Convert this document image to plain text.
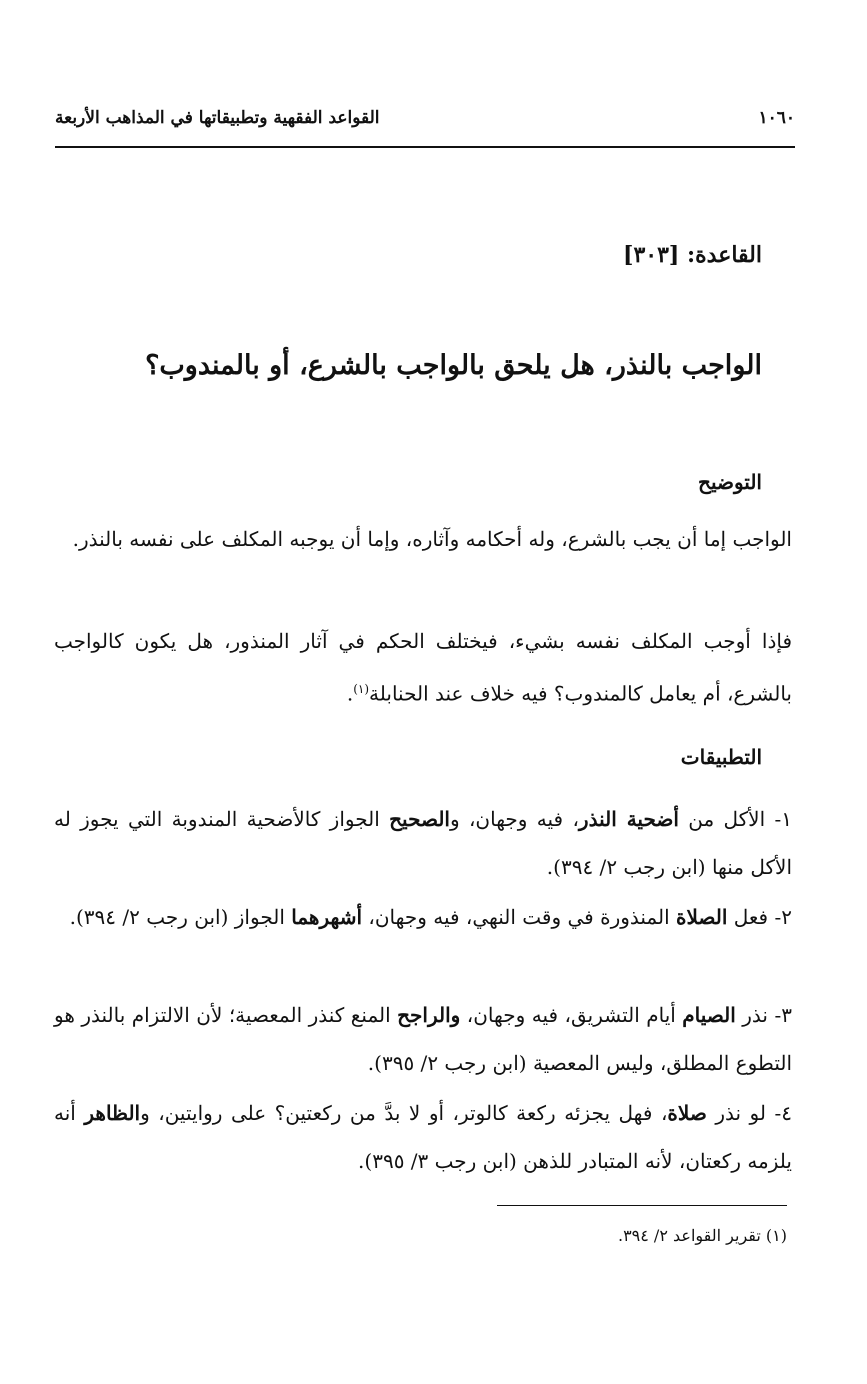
١٠٦٠
القواعد الفقهية وتطبيقاتها في المذاهب الأربعة
القاعدة: [٣٠٣]
الواجب بالنذر، هل يلحق بالواجب بالشرع، أو بالمندوب؟
التوضيح

الواجب إما أن يجب بالشرع، وله أحكامه وآثاره، وإما أن يوجبه المكلف على نفسه بالنذر.

فإذا أوجب المكلف نفسه بشيء، فيختلف الحكم في آثار المنذور، هل يكون كالواجب بالشرع، أم يعامل كالمندوب؟ فيه خلاف عند الحنابلة$^{(١)}$.

التطبيقات

١- الأكل من أضحية النذر، فيه وجهان، والصحيح الجواز كالأضحية المندوبة التي يجوز له الأكل منها (ابن رجب ٢/ ٣٩٤).

٢- فعل الصلاة المنذورة في وقت النهي، فيه وجهان، أشهرهما الجواز (ابن رجب ٢/ ٣٩٤).

٣- نذر الصيام أيام التشريق، فيه وجهان، والراجح المنع كنذر المعصية؛ لأن الالتزام بالنذر هو التطوع المطلق، وليس المعصية (ابن رجب ٢/ ٣٩٥).

٤- لو نذر صلاة، فهل يجزئه ركعة كالوتر، أو لا بدَّ من ركعتين؟ على روايتين، والظاهر أنه يلزمه ركعتان، لأنه المتبادر للذهن (ابن رجب ٣/ ٣٩٥).

(١) تقرير القواعد ٢/ ٣٩٤.
